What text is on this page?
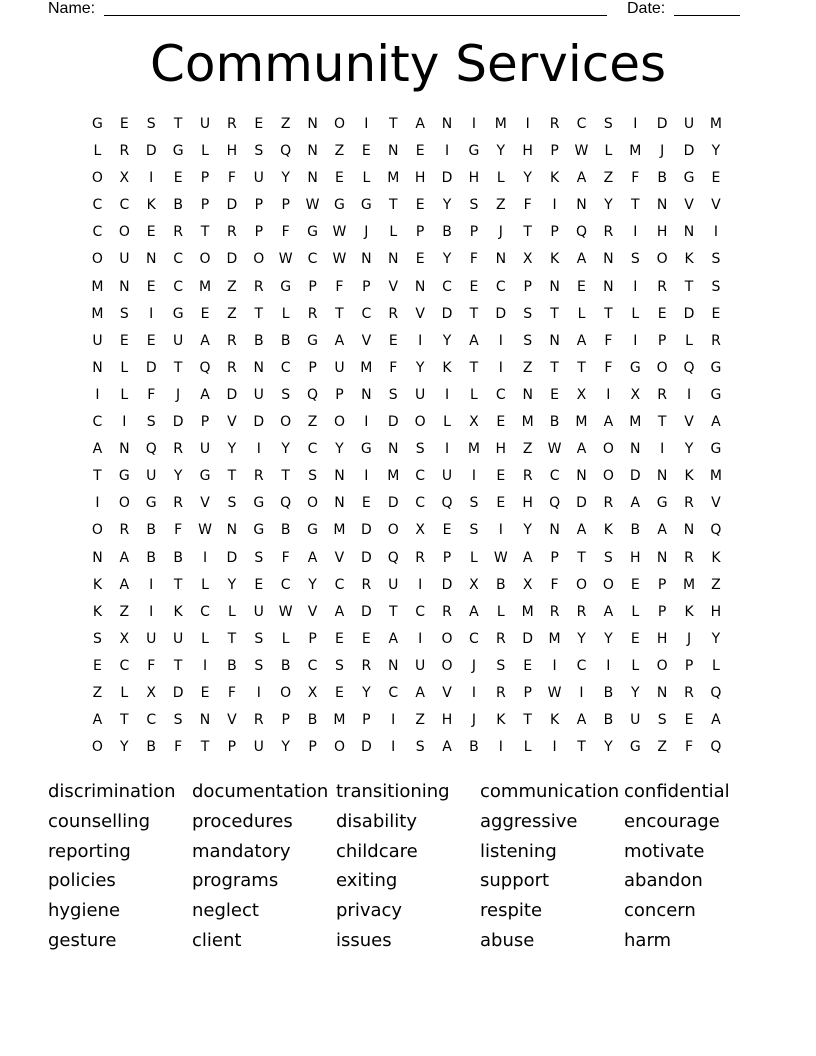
Name:	Date:
Community Services
G	E	S	T	U	R	E	Z	N	O	I	T	A	N	I	M	I	R	C	S	I	D	U	M
L	R	D	G	L	H	S	Q	N	Z	E	N	E	I	G	Y	H	P	W	L	M	J	D	Y
O	X	I	E	P	F	U	Y	N	E	L	M	H	D	H	L	Y	K	A	Z	F	B	G	E
C	C	K	B	P	D	P	P	W	G	G	T	E	Y	S	Z	F	I	N	Y	T	N	V	V
C	O	E	R	T	R	P	F	G	W	J	L	P	B	P	J	T	P	Q	R	I	H	N	I
O	U	N	C	O	D	O	W	C	W	N	N	E	Y	F	N	X	K	A	N	S	O	K	S
M	N	E	C	M	Z	R	G	P	F	P	V	N	C	E	C	P	N	E	N	I	R	T	S
M	S	I	G	E	Z	T	L	R	T	C	R	V	D	T	D	S	T	L	T	L	E	D	E
U	E	E	U	A	R	B	B	G	A	V	E	I	Y	A	I	S	N	A	F	I	P	L	R
N	L	D	T	Q	R	N	C	P	U	M	F	Y	K	T	I	Z	T	T	F	G	O	Q	G
I	L	F	J	A	D	U	S	Q	P	N	S	U	I	L	C	N	E	X	I	X	R	I	G
C	I	S	D	P	V	D	O	Z	O	I	D	O	L	X	E	M	B	M	A	M	T	V	A
A	N	Q	R	U	Y	I	Y	C	Y	G	N	S	I	M	H	Z	W	A	O	N	I	Y	G
T	G	U	Y	G	T	R	T	S	N	I	M	C	U	I	E	R	C	N	O	D	N	K	M
I	O	G	R	V	S	G	Q	O	N	E	D	C	Q	S	E	H	Q	D	R	A	G	R	V
O	R	B	F	W	N	G	B	G	M	D	O	X	E	S	I	Y	N	A	K	B	A	N	Q
N	A	B	B	I	D	S	F	A	V	D	Q	R	P	L	W	A	P	T	S	H	N	R	K
K	A	I	T	L	Y	E	C	Y	C	R	U	I	D	X	B	X	F	O	O	E	P	M	Z
K	Z	I	K	C	L	U	W	V	A	D	T	C	R	A	L	M	R	R	A	L	P	K	H
S	X	U	U	L	T	S	L	P	E	E	A	I	O	C	R	D	M	Y	Y	E	H	J	Y
E	C	F	T	I	B	S	B	C	S	R	N	U	O	J	S	E	I	C	I	L	O	P	L
Z	L	X	D	E	F	I	O	X	E	Y	C	A	V	I	R	P	W	I	B	Y	N	R	Q
A	T	C	S	N	V	R	P	B	M	P	I	Z	H	J	K	T	K	A	B	U	S	E	A
O	Y	B	F	T	P	U	Y	P	O	D	I	S	A	B	I	L	I	T	Y	G	Z	F	Q
discrimination documentation transitioning	communication confidential
counselling	procedures	disability	aggressive	encourage
reporting	mandatory	childcare	listening	motivate
policies	programs	exiting	support	abandon
hygiene	neglect	privacy	respite	concern
gesture	client	issues	abuse	harm
